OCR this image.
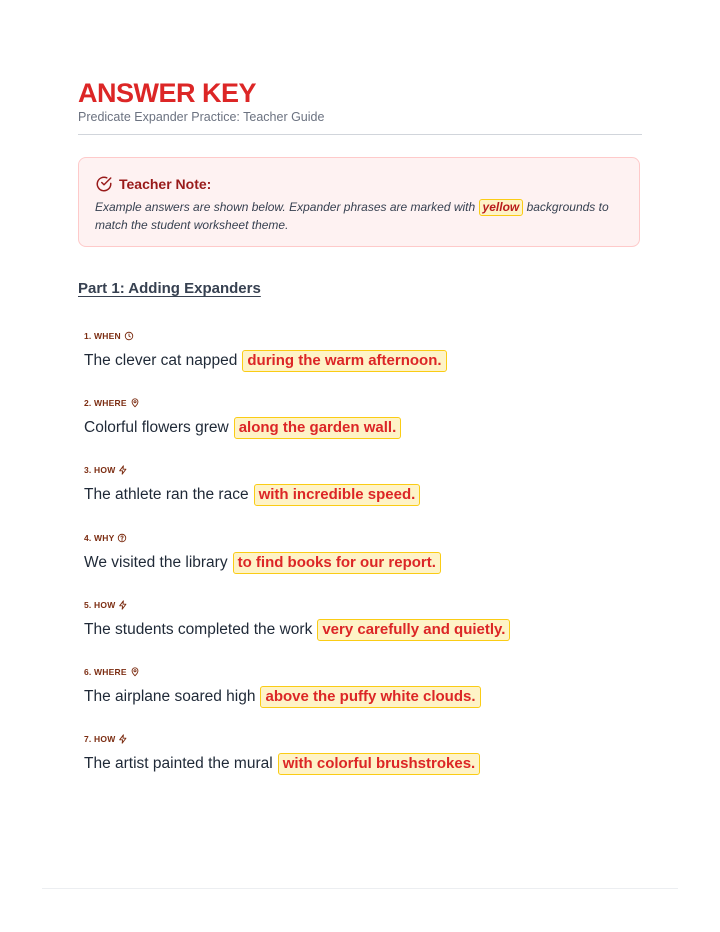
ANSWER KEY
Predicate Expander Practice: Teacher Guide
Teacher Note:
Example answers are shown below. Expander phrases are marked with yellow backgrounds to match the student worksheet theme.
Part 1: Adding Expanders
1. WHEN
The clever cat napped during the warm afternoon.
2. WHERE
Colorful flowers grew along the garden wall.
3. HOW
The athlete ran the race with incredible speed.
4. WHY
We visited the library to find books for our report.
5. HOW
The students completed the work very carefully and quietly.
6. WHERE
The airplane soared high above the puffy white clouds.
7. HOW
The artist painted the mural with colorful brushstrokes.
